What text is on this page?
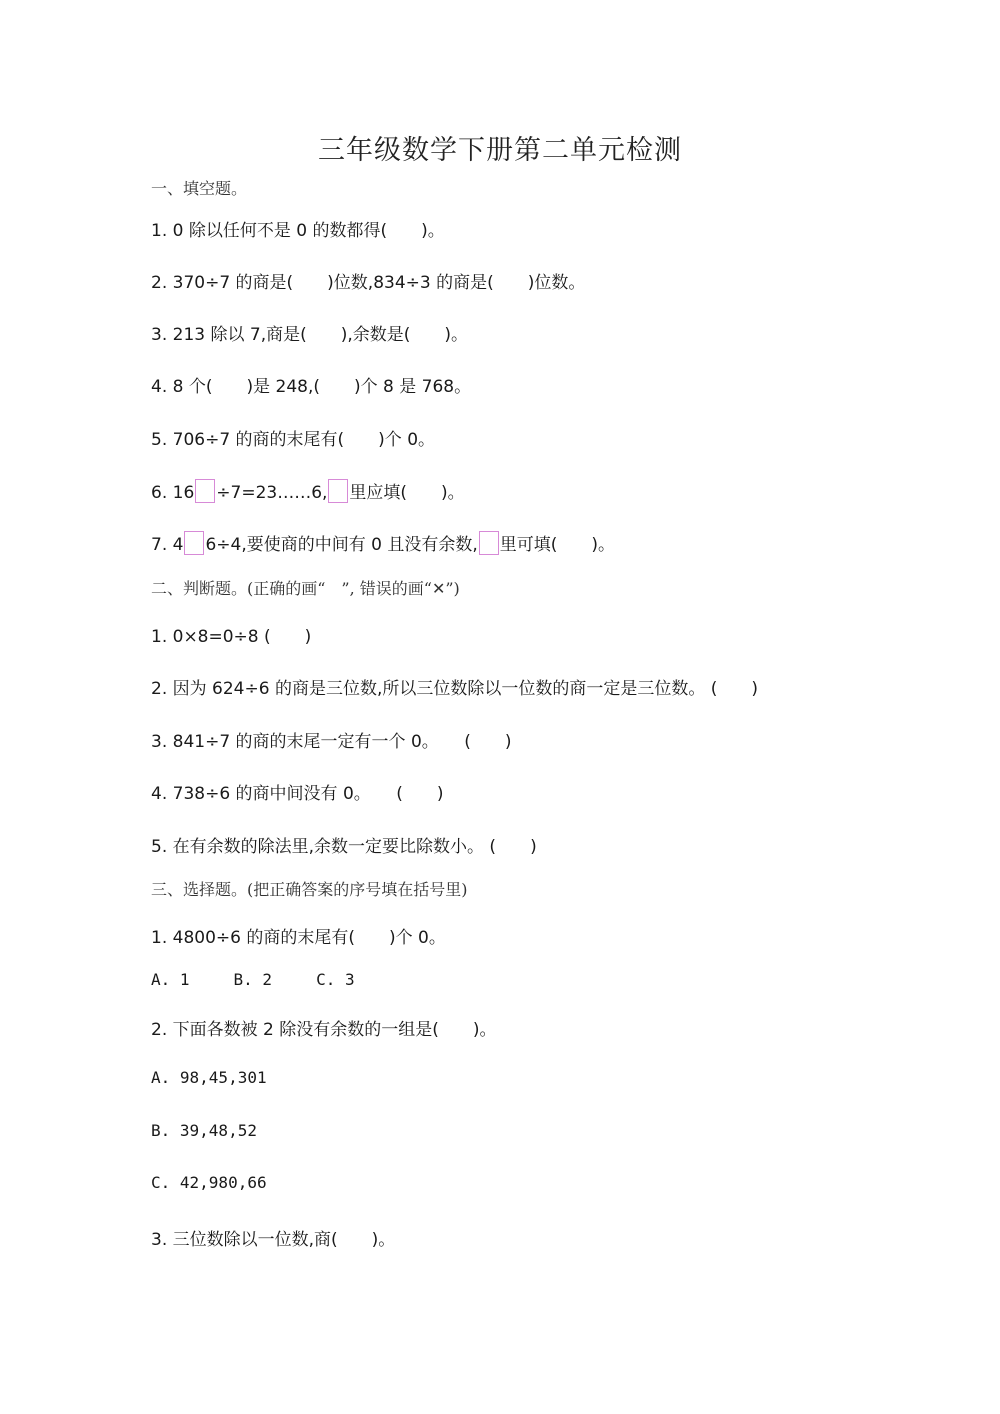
三年级数学下册第二单元检测
一、填空题。
1. 0 除以任何不是 0 的数都得(　　)。
2. 370÷7 的商是(　　)位数,834÷3 的商是(　　)位数。
3. 213 除以 7,商是(　　),余数是(　　)。
4. 8 个(　　)是 248,(　　)个 8 是 768。
5. 706÷7 的商的末尾有(　　)个 0。
6. 16 ÷7=23……6, 里应填(　　)。
7. 4 6÷4,要使商的中间有 0 且没有余数, 里可填(　　)。
二、判断题。(正确的画“　”, 错误的画“✕”)
1. 0×8=0÷8 (　　)
2. 因为 624÷6 的商是三位数,所以三位数除以一位数的商一定是三位数。 (　　)
3. 841÷7 的商的末尾一定有一个 0。　　(　　)
4. 738÷6 的商中间没有 0。　　(　　)
5. 在有余数的除法里,余数一定要比除数小。 (　　)
三、选择题。(把正确答案的序号填在括号里)
1. 4800÷6 的商的末尾有(　　)个 0。
A. 1	B. 2	C. 3
2. 下面各数被 2 除没有余数的一组是(　　)。
A. 98,45,301
B. 39,48,52
C. 42,980,66
3. 三位数除以一位数,商(　　)。
